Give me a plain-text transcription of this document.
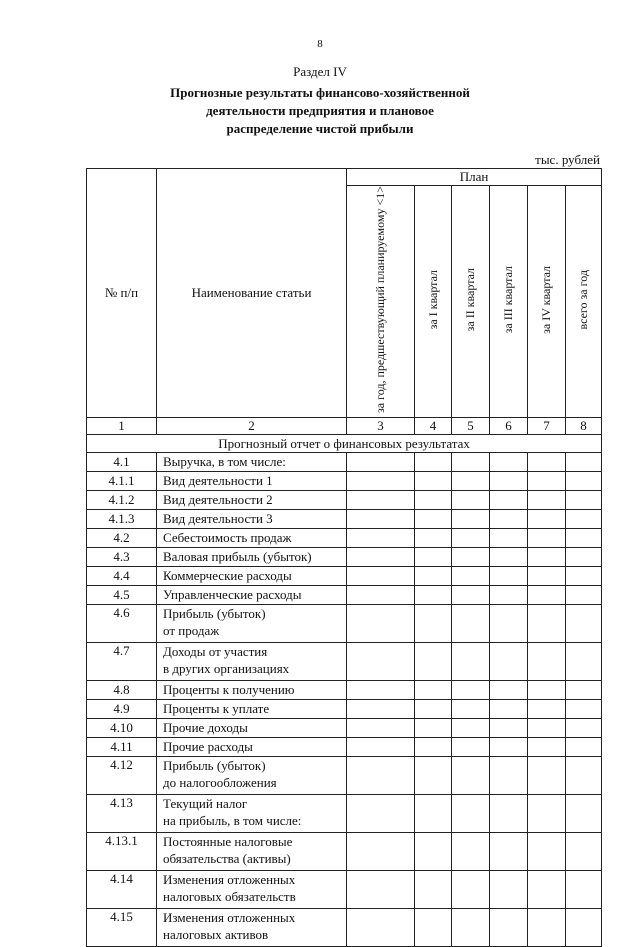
8
Раздел IV
Прогнозные результаты финансово-хозяйственной
деятельности предприятия и плановое
распределение чистой прибыли
тыс. рублей
№ п/п	Наименование статьи	План					
		за год, предшествующий планируемому <1>	за I квартал	за II квартал	за III квартал	за IV квартал	всего за год
1	2	3	4	5	6	7	8
Прогнозный отчет о финансовых результатах							
4.1	Выручка, в том числе:						

4.1.1	Вид деятельности 1						

4.1.2	Вид деятельности 2						

4.1.3	Вид деятельности 3						

4.2	Себестоимость продаж						

4.3	Валовая прибыль (убыток)						

4.4	Коммерческие расходы						

4.5	Управленческие расходы						

4.6	Прибыль (убыток)
от продаж						

4.7	Доходы от участия
в других организациях						

4.8	Проценты к получению						

4.9	Проценты к уплате						

4.10	Прочие доходы						

4.11	Прочие расходы						

4.12	Прибыль (убыток)
до налогообложения						

4.13	Текущий налог
на прибыль, в том числе:						

4.13.1	Постоянные налоговые
обязательства (активы)						

4.14	Изменения отложенных
налоговых обязательств						

4.15	Изменения отложенных
налоговых активов						
